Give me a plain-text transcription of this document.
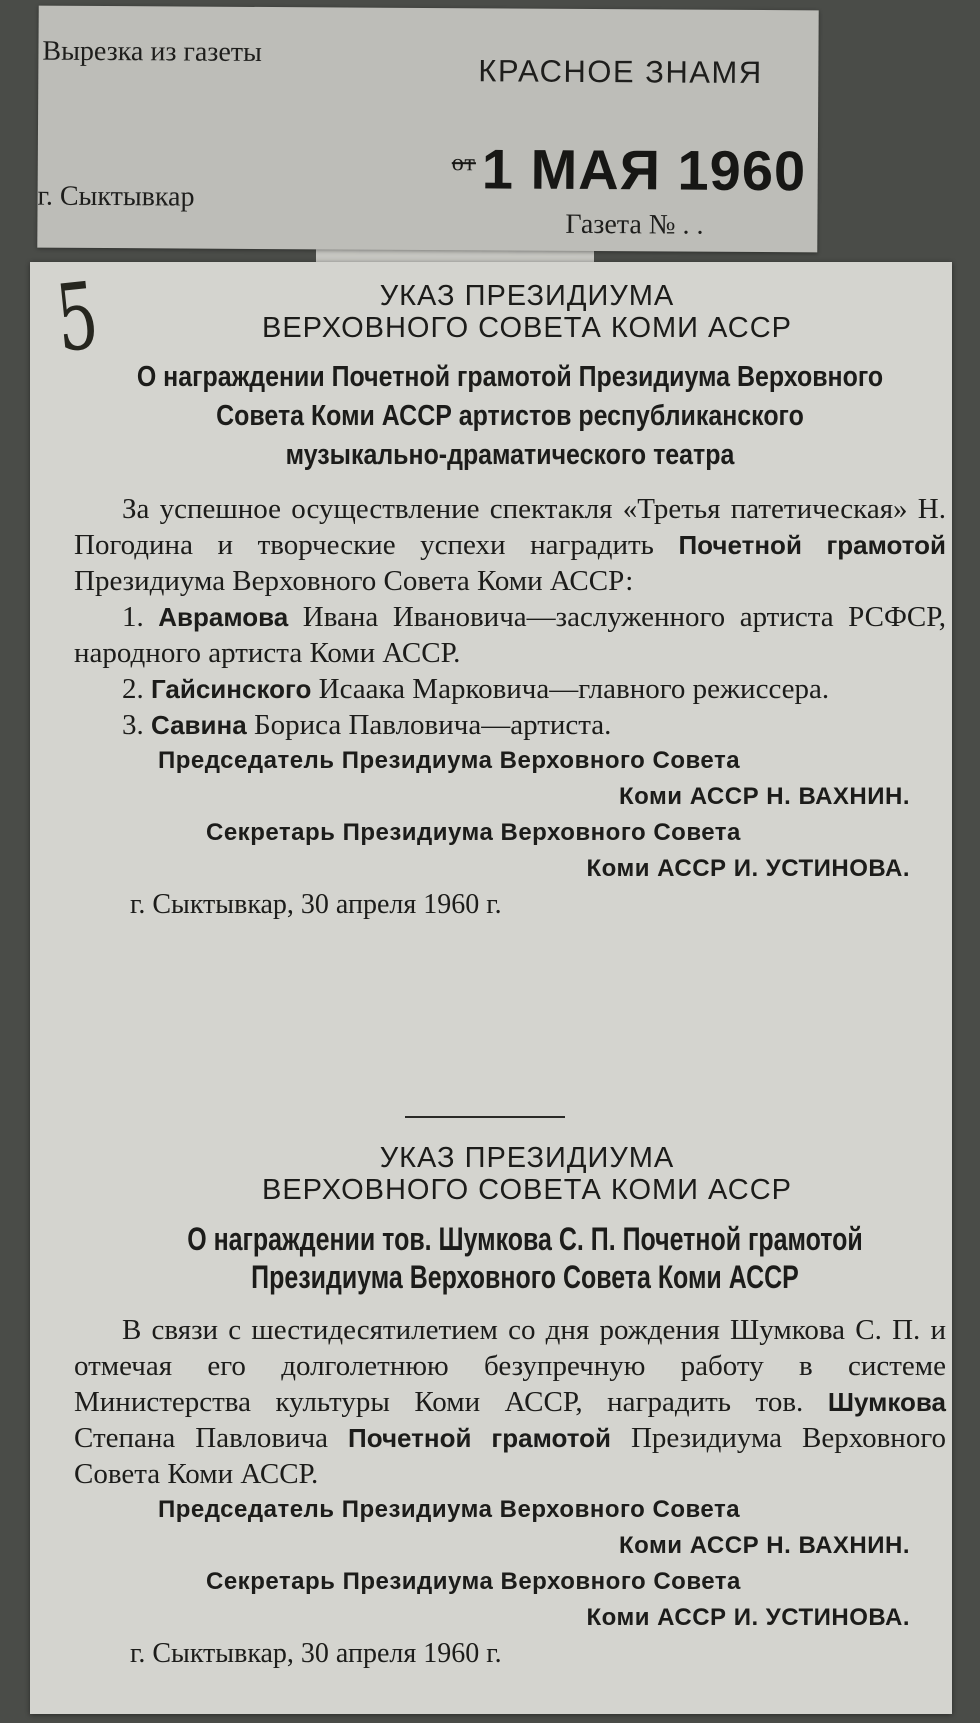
Вырезка из газеты
КРАСНОЕ ЗНАМЯ
$^{от}$ 1 МАЯ 1960
г. Сыктывкар
Газета № . .
5	УКАЗ ПРЕЗИДИУМА
ВЕРХОВНОГО СОВЕТА КОМИ АССР
О награждении Почетной грамотой Президиума Верховного Совета Коми АССР артистов республиканского музыкально-драматического театра

За успешное осуществление спектакля «Третья патетическая» Н. Погодина и творческие успехи наградить Почетной грамотой Президиума Верховного Совета Коми АССР:

1. Аврамова Ивана Ивановича—заслуженного артиста РСФСР, народного артиста Коми АССР.

2. Гайсинского Исаака Марковича—главного режиссера.

3. Савина Бориса Павловича—артиста.

Председатель Президиума Верховного Совета
Коми АССР Н. ВАХНИН.
Секретарь Президиума Верховного Совета
Коми АССР И. УСТИНОВА.
г. Сыктывкар, 30 апреля 1960 г.
УКАЗ ПРЕЗИДИУМА
ВЕРХОВНОГО СОВЕТА КОМИ АССР
О награждении тов. Шумкова С. П. Почетной грамотой Президиума Верховного Совета Коми АССР

В связи с шестидесятилетием со дня рождения Шумкова С. П. и отмечая его долголетнюю безупречную работу в системе Министерства культуры Коми АССР, наградить тов. Шумкова Степана Павловича Почетной грамотой Президиума Верховного Совета Коми АССР.

Председатель Президиума Верховного Совета
Коми АССР Н. ВАХНИН.
Секретарь Президиума Верховного Совета
Коми АССР И. УСТИНОВА.
г. Сыктывкар, 30 апреля 1960 г.
